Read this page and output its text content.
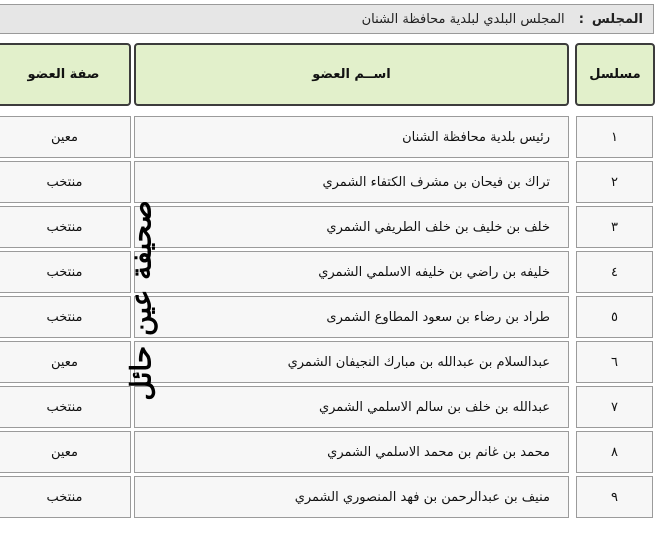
المجلس
:
المجلس البلدي لبلدية محافظة الشنان
مسلسل
اســم العضو
صفة العضو
١
رئيس بلدية محافظة الشنان
معين
٢
تراك بن فيحان بن مشرف الكتفاء الشمري
منتخب
٣
خلف بن خليف بن خلف الطريفي الشمري
منتخب
٤
خليفه بن راضي بن خليفه الاسلمي الشمري
منتخب
٥
طراد بن رضاء بن سعود المطاوع الشمرى
منتخب
٦
عبدالسلام بن عبدالله بن مبارك النجيفان الشمري
معين
٧
عبدالله بن خلف بن سالم الاسلمي الشمري
منتخب
٨
محمد بن غانم بن محمد الاسلمي الشمري
معين
٩
منيف بن عبدالرحمن بن فهد المنصوري الشمري
منتخب
صحيفة عين حائل
